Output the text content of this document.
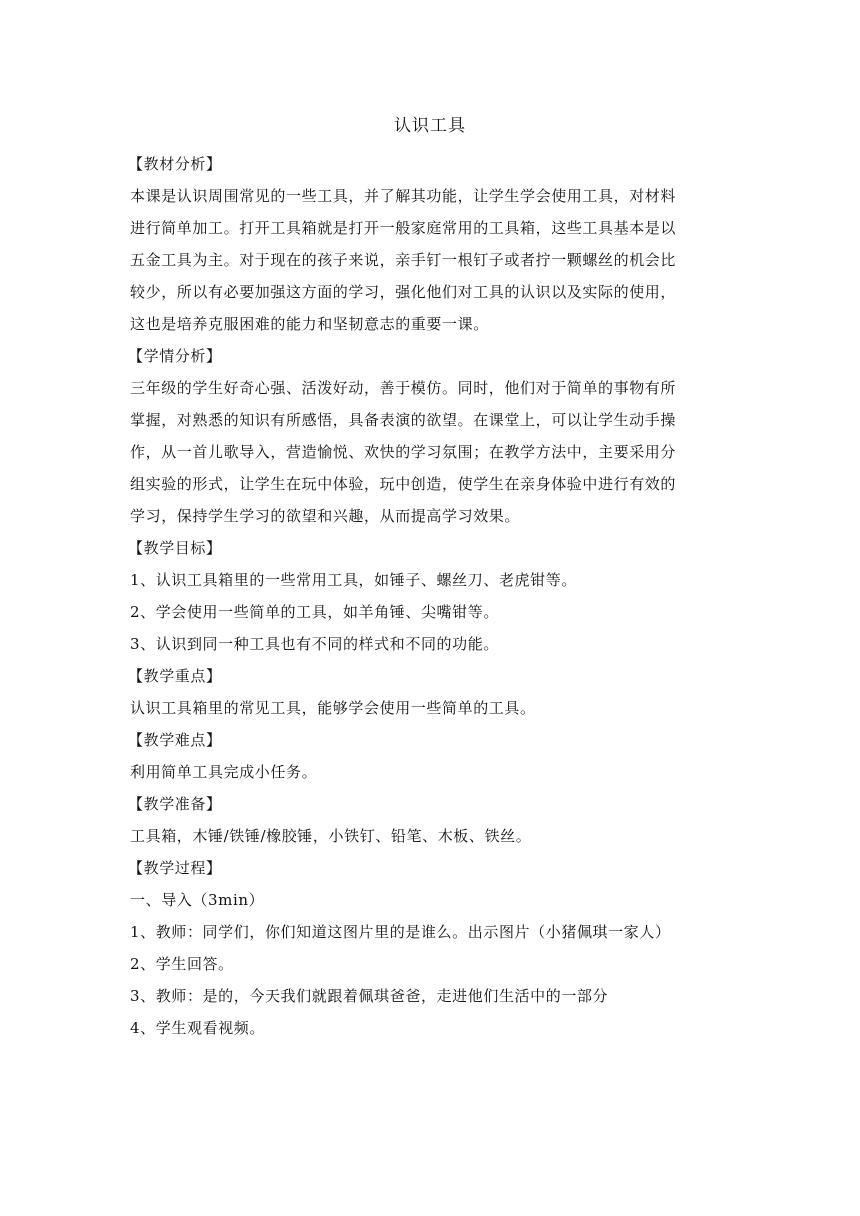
认识工具
【教材分析】
本课是认识周围常见的一些工具，并了解其功能，让学生学会使用工具，对材料
进行简单加工。打开工具箱就是打开一般家庭常用的工具箱，这些工具基本是以
五金工具为主。对于现在的孩子来说，亲手钉一根钉子或者拧一颗螺丝的机会比
较少，所以有必要加强这方面的学习，强化他们对工具的认识以及实际的使用，
这也是培养克服困难的能力和坚韧意志的重要一课。
【学情分析】
三年级的学生好奇心强、活泼好动，善于模仿。同时，他们对于简单的事物有所
掌握，对熟悉的知识有所感悟，具备表演的欲望。在课堂上，可以让学生动手操
作，从一首儿歌导入，营造愉悦、欢快的学习氛围；在教学方法中，主要采用分
组实验的形式，让学生在玩中体验，玩中创造，使学生在亲身体验中进行有效的
学习，保持学生学习的欲望和兴趣，从而提高学习效果。
【教学目标】
1、认识工具箱里的一些常用工具，如锤子、螺丝刀、老虎钳等。
2、学会使用一些简单的工具，如羊角锤、尖嘴钳等。
3、认识到同一种工具也有不同的样式和不同的功能。
【教学重点】
认识工具箱里的常见工具，能够学会使用一些简单的工具。
【教学难点】
利用简单工具完成小任务。
【教学准备】
工具箱，木锤/铁锤/橡胶锤，小铁钉、铅笔、木板、铁丝。
【教学过程】
一、导入（3min）
1、教师：同学们，你们知道这图片里的是谁么。出示图片（小猪佩琪一家人）
2、学生回答。
3、教师：是的，今天我们就跟着佩琪爸爸，走进他们生活中的一部分
4、学生观看视频。
